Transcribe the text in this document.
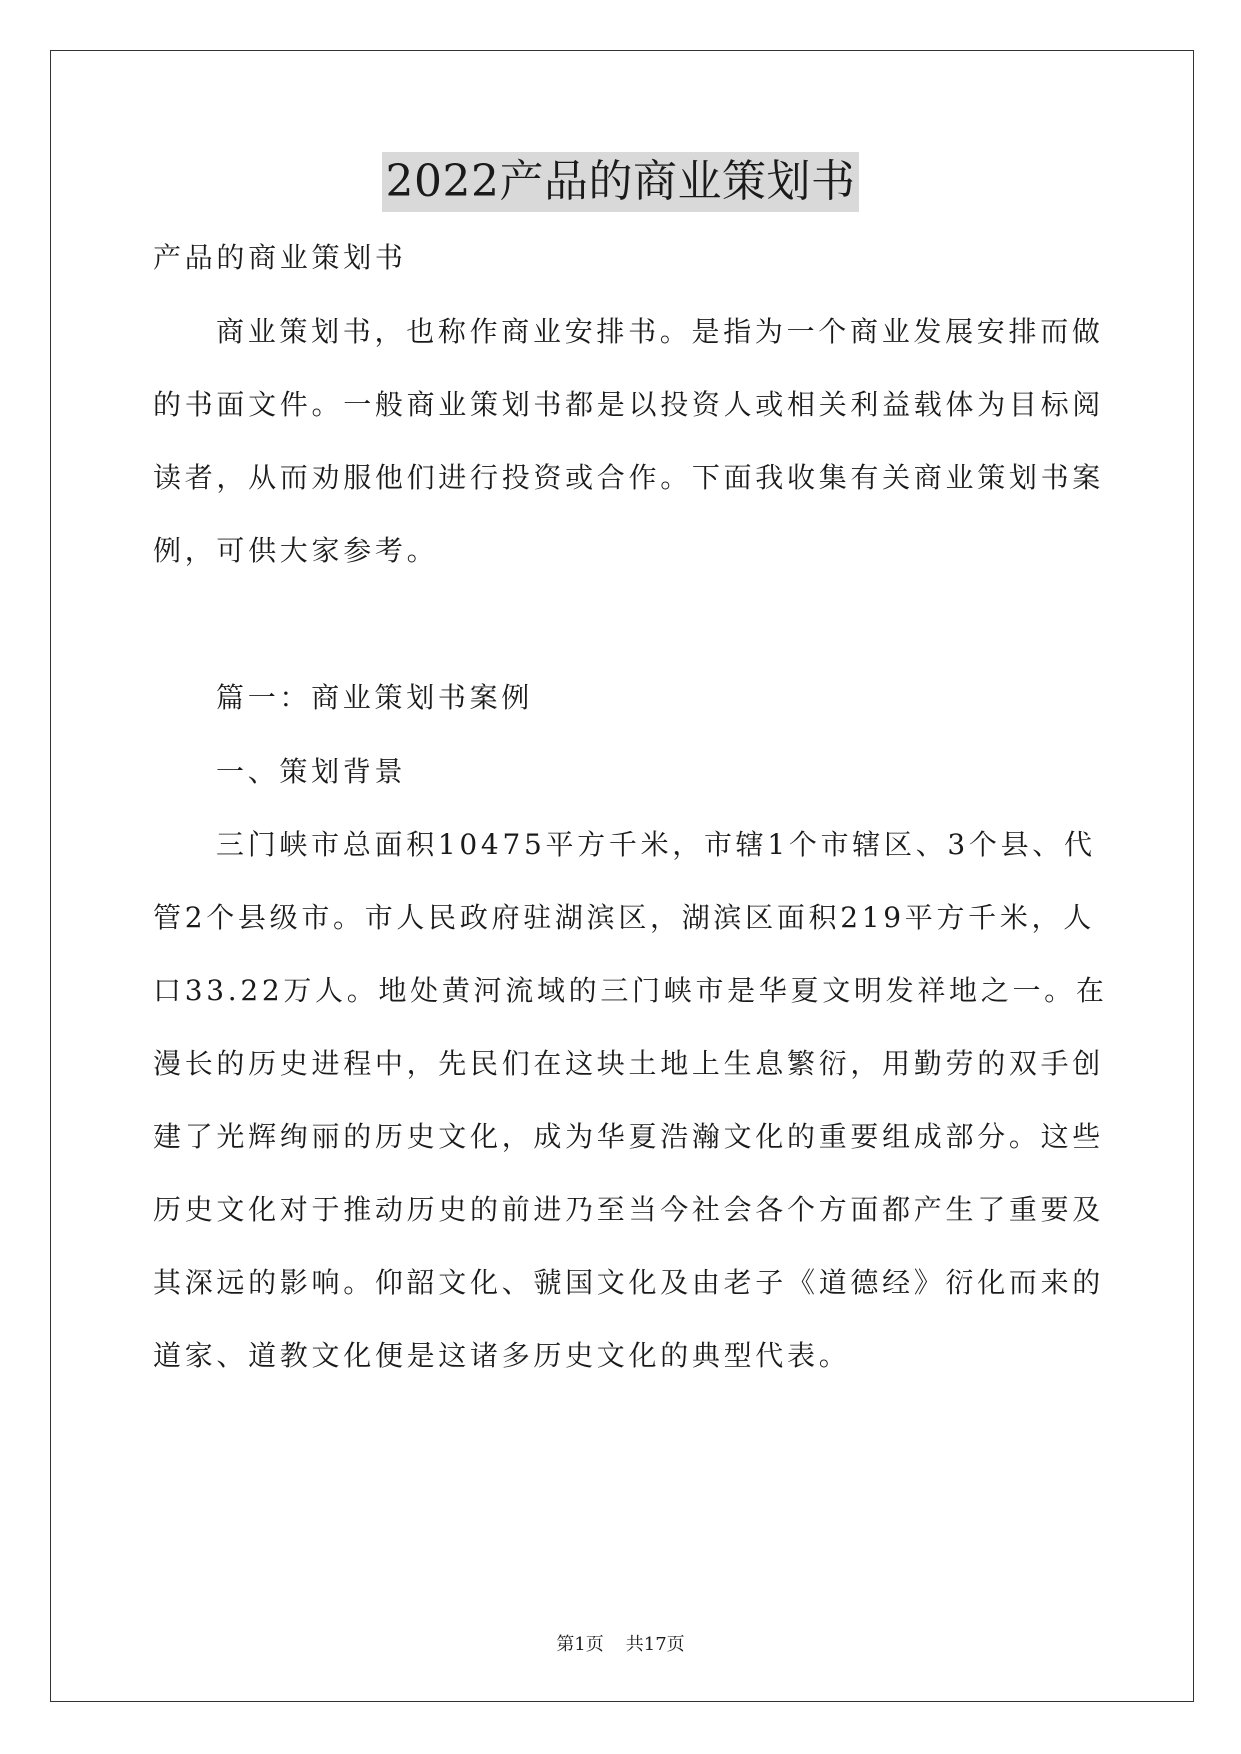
2022产品的商业策划书
产品的商业策划书
商业策划书，也称作商业安排书。是指为一个商业发展安排而做
的书面文件。一般商业策划书都是以投资人或相关利益载体为目标阅
读者，从而劝服他们进行投资或合作。下面我收集有关商业策划书案
例，可供大家参考。
篇一：商业策划书案例
一、策划背景
三门峡市总面积10475平方千米，市辖1个市辖区、3个县、代
管2个县级市。市人民政府驻湖滨区，湖滨区面积219平方千米，人
口33.22万人。地处黄河流域的三门峡市是华夏文明发祥地之一。在
漫长的历史进程中，先民们在这块土地上生息繁衍，用勤劳的双手创
建了光辉绚丽的历史文化，成为华夏浩瀚文化的重要组成部分。这些
历史文化对于推动历史的前进乃至当今社会各个方面都产生了重要及
其深远的影响。仰韶文化、虢国文化及由老子《道德经》衍化而来的
道家、道教文化便是这诸多历史文化的典型代表。
第1页 共17页
